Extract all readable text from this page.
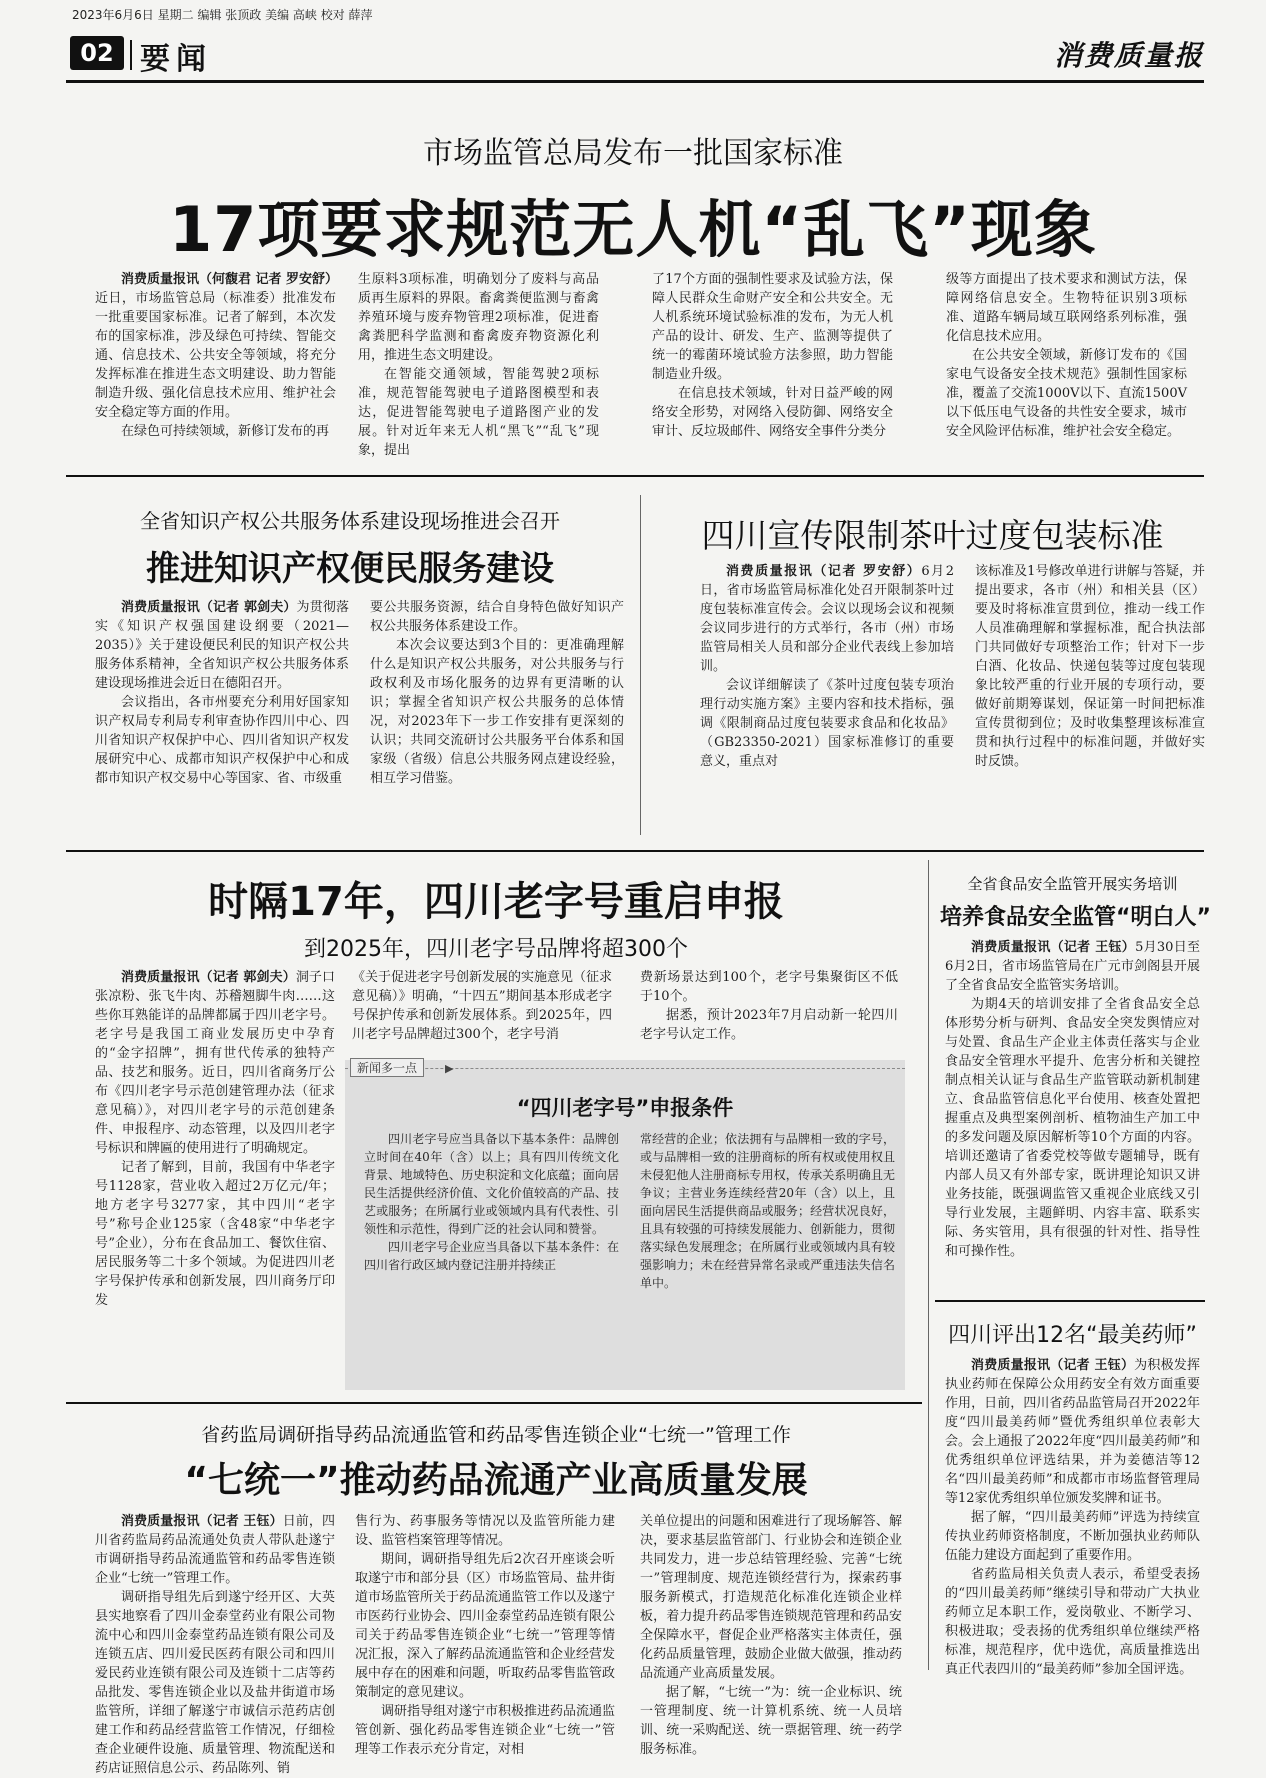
2023年6月6日 星期二 编辑 张顶政 美编 高峡 校对 薛萍
02 要闻	消费质量报
市场监管总局发布一批国家标准
17项要求规范无人机“乱飞”现象

消费质量报讯（何馥君 记者 罗安舒）近日，市场监管总局（标准委）批准发布一批重要国家标准。记者了解到，本次发布的国家标准，涉及绿色可持续、智能交通、信息技术、公共安全等领域，将充分发挥标准在推进生态文明建设、助力智能制造升级、强化信息技术应用、维护社会安全稳定等方面的作用。

在绿色可持续领域，新修订发布的再

生原料3项标准，明确划分了废料与高品质再生原料的界限。畜禽粪便监测与畜禽养殖环境与废弃物管理2项标准，促进畜禽粪肥科学监测和畜禽废弃物资源化利用，推进生态文明建设。

在智能交通领域，智能驾驶2项标准，规范智能驾驶电子道路图模型和表达，促进智能驾驶电子道路图产业的发展。针对近年来无人机“黑飞”“乱飞”现象，提出

了17个方面的强制性要求及试验方法，保障人民群众生命财产安全和公共安全。无人机系统环境试验标准的发布，为无人机产品的设计、研发、生产、监测等提供了统一的霉菌环境试验方法参照，助力智能制造业升级。

在信息技术领域，针对日益严峻的网络安全形势，对网络入侵防御、网络安全审计、反垃圾邮件、网络安全事件分类分

级等方面提出了技术要求和测试方法，保障网络信息安全。生物特征识别3项标准、道路车辆局域互联网络系列标准，强化信息技术应用。

在公共安全领域，新修订发布的《国家电气设备安全技术规范》强制性国家标准，覆盖了交流1000V以下、直流1500V以下低压电气设备的共性安全要求，城市安全风险评估标准，维护社会安全稳定。

全省知识产权公共服务体系建设现场推进会召开
推进知识产权便民服务建设

消费质量报讯（记者 郭剑夫）为贯彻落实《知识产权强国建设纲要（2021—2035）》关于建设便民利民的知识产权公共服务体系精神，全省知识产权公共服务体系建设现场推进会近日在德阳召开。

会议指出，各市州要充分利用好国家知识产权局专利局专利审查协作四川中心、四川省知识产权保护中心、四川省知识产权发展研究中心、成都市知识产权保护中心和成都市知识产权交易中心等国家、省、市级重

要公共服务资源，结合自身特色做好知识产权公共服务体系建设工作。

本次会议要达到3个目的：更准确理解什么是知识产权公共服务，对公共服务与行政权利及市场化服务的边界有更清晰的认识；掌握全省知识产权公共服务的总体情况，对2023年下一步工作安排有更深刻的认识；共同交流研讨公共服务平台体系和国家级（省级）信息公共服务网点建设经验，相互学习借鉴。

四川宣传限制茶叶过度包装标准

消费质量报讯（记者 罗安舒）6月2日，省市场监管局标准化处召开限制茶叶过度包装标准宣传会。会议以现场会议和视频会议同步进行的方式举行，各市（州）市场监管局相关人员和部分企业代表线上参加培训。

会议详细解读了《茶叶过度包装专项治理行动实施方案》主要内容和技术指标，强调《限制商品过度包装要求食品和化妆品》（GB23350-2021）国家标准修订的重要意义，重点对

该标准及1号修改单进行讲解与答疑，并提出要求，各市（州）和相关县（区）要及时将标准宣贯到位，推动一线工作人员准确理解和掌握标准，配合执法部门共同做好专项整治工作；针对下一步白酒、化妆品、快递包装等过度包装现象比较严重的行业开展的专项行动，要做好前期筹谋划，保证第一时间把标准宣传贯彻到位；及时收集整理该标准宣贯和执行过程中的标准问题，并做好实时反馈。

时隔17年，四川老字号重启申报
到2025年，四川老字号品牌将超300个

消费质量报讯（记者 郭剑夫）洞子口张凉粉、张飞牛肉、苏稽翘脚牛肉……这些你耳熟能详的品牌都属于四川老字号。老字号是我国工商业发展历史中孕育的“金字招牌”，拥有世代传承的独特产品、技艺和服务。近日，四川省商务厅公布《四川老字号示范创建管理办法（征求意见稿）》，对四川老字号的示范创建条件、申报程序、动态管理，以及四川老字号标识和牌匾的使用进行了明确规定。

记者了解到，目前，我国有中华老字号1128家，营业收入超过2万亿元/年；地方老字号3277家，其中四川“老字号”称号企业125家（含48家“中华老字号”企业），分布在食品加工、餐饮住宿、居民服务等二十多个领域。为促进四川老字号保护传承和创新发展，四川商务厅印发

《关于促进老字号创新发展的实施意见（征求意见稿）》明确，“十四五”期间基本形成老字号保护传承和创新发展体系。到2025年，四川老字号品牌超过300个，老字号消

费新场景达到100个，老字号集聚街区不低于10个。

据悉，预计2023年7月启动新一轮四川老字号认定工作。

新闻多一点	▶
“四川老字号”申报条件

四川老字号应当具备以下基本条件：品牌创立时间在40年（含）以上；具有四川传统文化背景、地域特色、历史积淀和文化底蕴；面向居民生活提供经济价值、文化价值较高的产品、技艺或服务；在所属行业或领域内具有代表性、引领性和示范性，得到广泛的社会认同和赞誉。

四川老字号企业应当具备以下基本条件：在四川省行政区域内登记注册并持续正

常经营的企业；依法拥有与品牌相一致的字号，或与品牌相一致的注册商标的所有权或使用权且未侵犯他人注册商标专用权，传承关系明确且无争议；主营业务连续经营20年（含）以上，且面向居民生活提供商品或服务；经营状况良好，且具有较强的可持续发展能力、创新能力，贯彻落实绿色发展理念；在所属行业或领域内具有较强影响力；未在经营异常名录或严重违法失信名单中。

全省食品安全监管开展实务培训
培养食品安全监管“明白人”

消费质量报讯（记者 王钰）5月30日至6月2日，省市场监管局在广元市剑阁县开展了全省食品安全监管实务培训。

为期4天的培训安排了全省食品安全总体形势分析与研判、食品安全突发舆情应对与处置、食品生产企业主体责任落实与企业食品安全管理水平提升、危害分析和关键控制点相关认证与食品生产监管联动新机制建立、食品监管信息化平台使用、核查处置把握重点及典型案例剖析、植物油生产加工中的多发问题及原因解析等10个方面的内容。培训还邀请了省委党校等做专题辅导，既有内部人员又有外部专家，既讲理论知识又讲业务技能，既强调监管又重视企业底线又引导行业发展，主题鲜明、内容丰富、联系实际、务实管用，具有很强的针对性、指导性和可操作性。

四川评出12名“最美药师”

消费质量报讯（记者 王钰）为积极发挥执业药师在保障公众用药安全有效方面重要作用，日前，四川省药品监管局召开2022年度“四川最美药师”暨优秀组织单位表彰大会。会上通报了2022年度“四川最美药师”和优秀组织单位评选结果，并为姜德洁等12名“四川最美药师”和成都市市场监督管理局等12家优秀组织单位颁发奖牌和证书。

据了解，“四川最美药师”评选为持续宣传执业药师资格制度，不断加强执业药师队伍能力建设方面起到了重要作用。

省药监局相关负责人表示，希望受表扬的“四川最美药师”继续引导和带动广大执业药师立足本职工作，爱岗敬业、不断学习、积极进取；受表扬的优秀组织单位继续严格标准，规范程序，优中选优，高质量推选出真正代表四川的“最美药师”参加全国评选。

省药监局调研指导药品流通监管和药品零售连锁企业“七统一”管理工作
“七统一”推动药品流通产业高质量发展

消费质量报讯（记者 王钰）日前，四川省药监局药品流通处负责人带队赴遂宁市调研指导药品流通监管和药品零售连锁企业“七统一”管理工作。

调研指导组先后到遂宁经开区、大英县实地察看了四川金泰堂药业有限公司物流中心和四川金泰堂药品连锁有限公司及连锁五店、四川爱民医药有限公司和四川爱民药业连锁有限公司及连锁十二店等药品批发、零售连锁企业以及盐井街道市场监管所，详细了解遂宁市诚信示范药店创建工作和药品经营监管工作情况，仔细检查企业硬件设施、质量管理、物流配送和药店证照信息公示、药品陈列、销

售行为、药事服务等情况以及监管所能力建设、监管档案管理等情况。

期间，调研指导组先后2次召开座谈会听取遂宁市和部分县（区）市场监管局、盐井街道市场监管所关于药品流通监管工作以及遂宁市医药行业协会、四川金泰堂药品连锁有限公司关于药品零售连锁企业“七统一”管理等情况汇报，深入了解药品流通监管和企业经营发展中存在的困难和问题，听取药品零售监管政策制定的意见建议。

调研指导组对遂宁市积极推进药品流通监管创新、强化药品零售连锁企业“七统一”管理等工作表示充分肯定，对相

关单位提出的问题和困难进行了现场解答、解决，要求基层监管部门、行业协会和连锁企业共同发力，进一步总结管理经验、完善“七统一”管理制度、规范连锁经营行为，探索药事服务新模式，打造规范化标准化连锁企业样板，着力提升药品零售连锁规范管理和药品安全保障水平，督促企业严格落实主体责任，强化药品质量管理，鼓励企业做大做强，推动药品流通产业高质量发展。

据了解，“七统一”为：统一企业标识、统一管理制度、统一计算机系统、统一人员培训、统一采购配送、统一票据管理、统一药学服务标准。
